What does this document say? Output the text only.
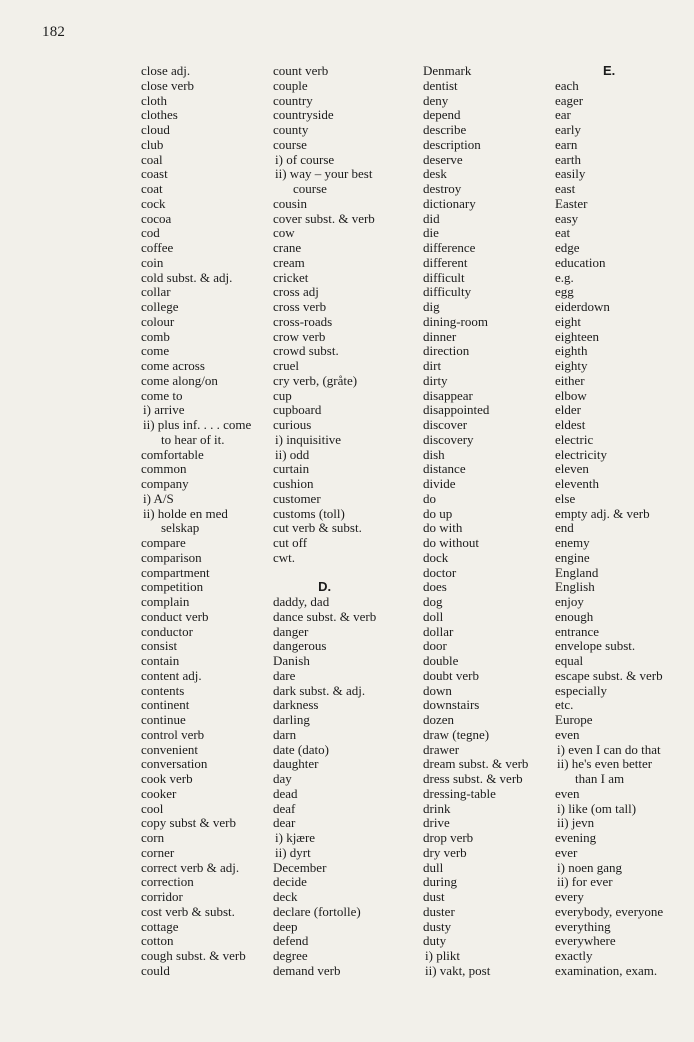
182
close adj.
close verb
cloth
clothes
cloud
club
coal
coast
coat
cock
cocoa
cod
coffee
coin
cold subst. & adj.
collar
college
colour
comb
come
come across
come along/on
come to
i) arrive
ii) plus inf. . . . come
to hear of it.
comfortable
common
company
i) A/S
ii) holde en med
selskap
compare
comparison
compartment
competition
complain
conduct verb
conductor
consist
contain
content adj.
contents
continent
continue
control verb
convenient
conversation
cook verb
cooker
cool
copy subst & verb
corn
corner
correct verb & adj.
correction
corridor
cost verb & subst.
cottage
cotton
cough subst. & verb
could
count verb
couple
country
countryside
county
course
i) of course
ii) way – your best
course
cousin
cover subst. & verb
cow
crane
cream
cricket
cross adj
cross verb
cross-roads
crow verb
crowd subst.
cruel
cry verb, (gråte)
cup
cupboard
curious
i) inquisitive
ii) odd
curtain
cushion
customer
customs (toll)
cut verb & subst.
cut off
cwt.
D.
daddy, dad
dance subst. & verb
danger
dangerous
Danish
dare
dark subst. & adj.
darkness
darling
darn
date (dato)
daughter
day
dead
deaf
dear
i) kjære
ii) dyrt
December
decide
deck
declare (fortolle)
deep
defend
degree
demand verb
Denmark
dentist
deny
depend
describe
description
deserve
desk
destroy
dictionary
did
die
difference
different
difficult
difficulty
dig
dining-room
dinner
direction
dirt
dirty
disappear
disappointed
discover
discovery
dish
distance
divide
do
do up
do with
do without
dock
doctor
does
dog
doll
dollar
door
double
doubt verb
down
downstairs
dozen
draw (tegne)
drawer
dream subst. & verb
dress subst. & verb
dressing-table
drink
drive
drop verb
dry verb
dull
during
dust
duster
dusty
duty
i) plikt
ii) vakt, post
E.
each
eager
ear
early
earn
earth
easily
east
Easter
easy
eat
edge
education
e.g.
egg
eiderdown
eight
eighteen
eighth
eighty
either
elbow
elder
eldest
electric
electricity
eleven
eleventh
else
empty adj. & verb
end
enemy
engine
England
English
enjoy
enough
entrance
envelope subst.
equal
escape subst. & verb
especially
etc.
Europe
even
i) even I can do that
ii) he's even better
than I am
even
i) like (om tall)
ii) jevn
evening
ever
i) noen gang
ii) for ever
every
everybody, everyone
everything
everywhere
exactly
examination, exam.
